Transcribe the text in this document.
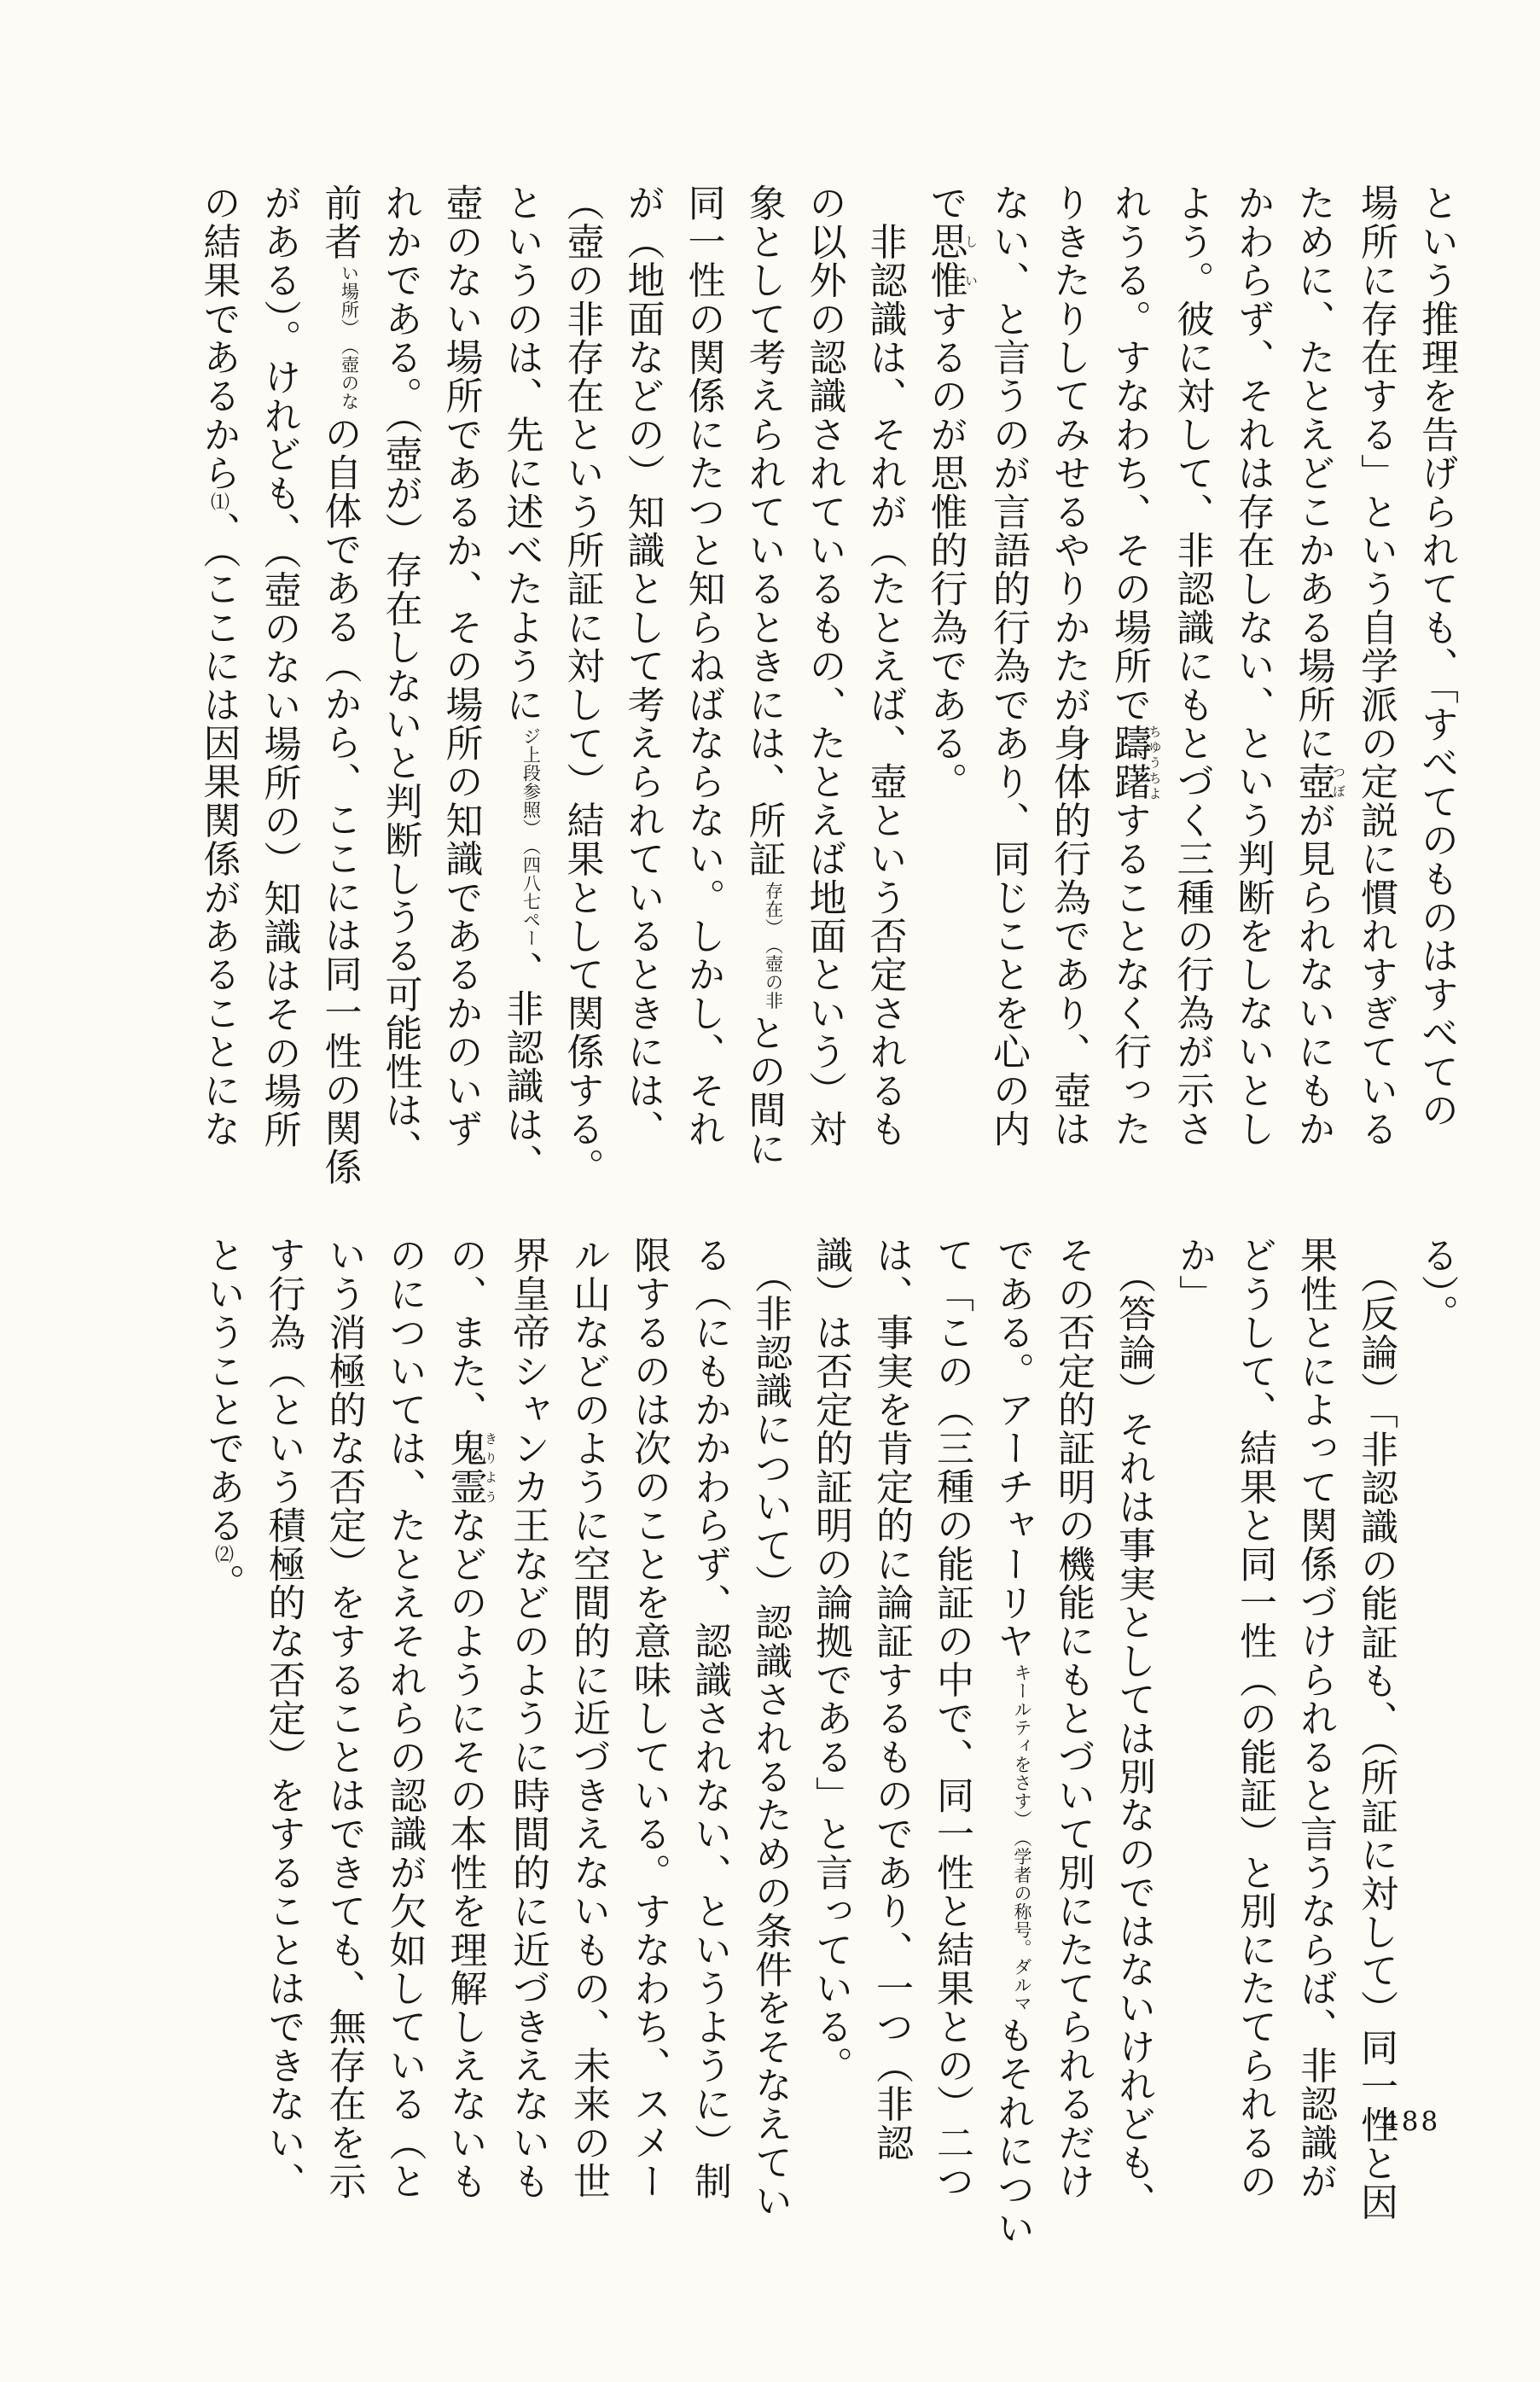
という推理を告げられても、「すべてのものはすべての
場所に存在する」という自学派の定説に慣れすぎている
ために、たとえどこかある場所に壺つぼが見られないにもか
かわらず、それは存在しない、という判断をしないとし
よう。彼に対して、非認識にもとづく三種の行為が示さ
れうる。すなわち、その場所で躊躇ちゆうちよすることなく行った
りきたりしてみせるやりかたが身体的行為であり、壺は
ない、と言うのが言語的行為であり、同じことを心の内
で思惟しいするのが思惟的行為である。
　非認識は、それが（たとえば、壺という否定されるも
の以外の認識されているもの、たとえば地面という）対
象として考えられているときには、所証
（壺の非
存在）
との間に
同一性の関係にたつと知らねばならない。しかし、それ
が（地面などの）知識として考えられているときには、
（壺の非存在という所証に対して）結果として関係する。
というのは、先に述べたように
（四八七ペー
ジ上段参照）
、非認識は、
壺のない場所であるか、その場所の知識であるかのいず
れかである。（壺が）存在しないと判断しうる可能性は、
前者
（壺のな
い場所）
の自体である（から、ここには同一性の関係
がある）。けれども、（壺のない場所の）知識はその場所
の結果であるから⑴、（ここには因果関係があることにな
る）。
　（反論）「非認識の能証も、（所証に対して）同一性と因
果性とによって関係づけられると言うならば、非認識が
どうして、結果と同一性（の能証）と別にたてられるの
か」
　（答論）それは事実としては別なのではないけれども、
その否定的証明の機能にもとづいて別にたてられるだけ
である。アーチャーリヤ
（学者の称号。ダルマ
キールティをさす）
もそれについ
て「この（三種の能証の中で、同一性と結果との）二つ
は、事実を肯定的に論証するものであり、一つ（非認
識）は否定的証明の論拠である」と言っている。
　（非認識について）認識されるための条件をそなえてい
る（にもかかわらず、認識されない、というように）制
限するのは次のことを意味している。すなわち、スメー
ル山などのように空間的に近づきえないもの、未来の世
界皇帝シャンカ王などのように時間的に近づきえないも
の、また、鬼霊きりようなどのようにその本性を理解しえないも
のについては、たとえそれらの認識が欠如している（と
いう消極的な否定）をすることはできても、無存在を示
す行為（という積極的な否定）をすることはできない、
ということである⑵。
488
